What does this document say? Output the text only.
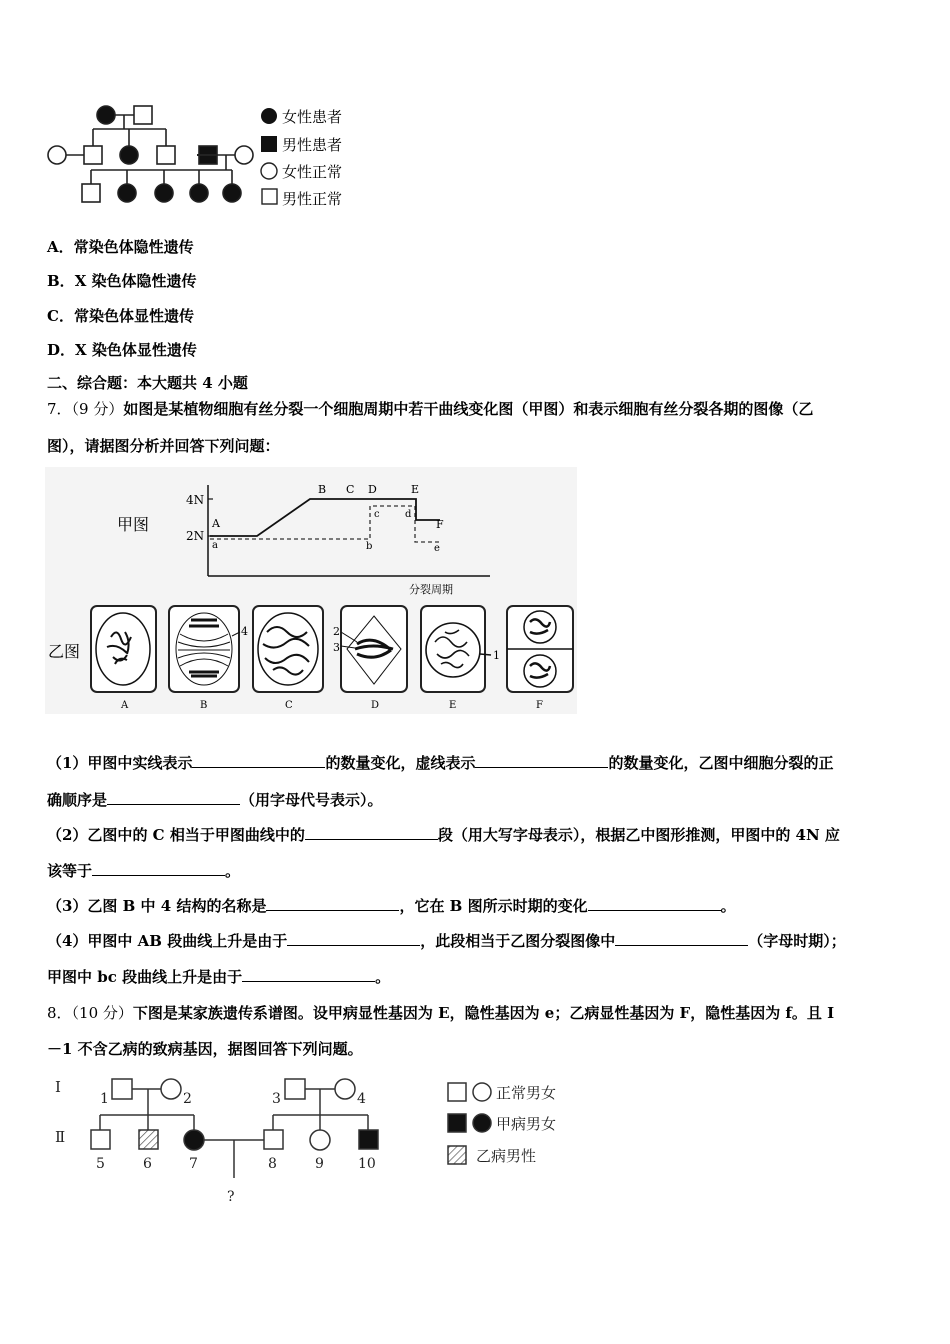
女性患者
男性患者
女性正常
男性正常
A．常染色体隐性遗传
B．X 染色体隐性遗传
C．常染色体显性遗传
D．X 染色体显性遗传
二、综合题：本大题共 4 小题
7．（9 分）如图是某植物细胞有丝分裂一个细胞周期中若干曲线变化图（甲图）和表示细胞有丝分裂各期的图像（乙
图），请据图分析并回答下列问题：
甲图
4N
2N
A
B C D	E
F
a	b
c	d
e
分裂周期
乙图
4	2
3
1
A	B	C	D	E	F
（1）甲图中实线表示	的数量变化，虚线表示	的数量变化，乙图中细胞分裂的正
确顺序是	（用字母代号表示）。
（2）乙图中的 C 相当于甲图曲线中的	段（用大写字母表示），根据乙中图形推测，甲图中的 4N 应
该等于	。
（3）乙图 B 中 4 结构的名称是	，它在 B 图所示时期的变化	。
（4）甲图中 AB 段曲线上升是由于	，此段相当于乙图分裂图像中	（字母时期）；
甲图中 bc 段曲线上升是由于	。
8．（10 分）下图是某家族遗传系谱图。设甲病显性基因为 E，隐性基因为 e；乙病显性基因为 F，隐性基因为 f。且 Ⅰ
－1 不含乙病的致病基因，据图回答下列问题。
Ⅰ
Ⅱ
1	2	3	4
5	6	7	8	9 10
?
正常男女
甲病男女
乙病男性
